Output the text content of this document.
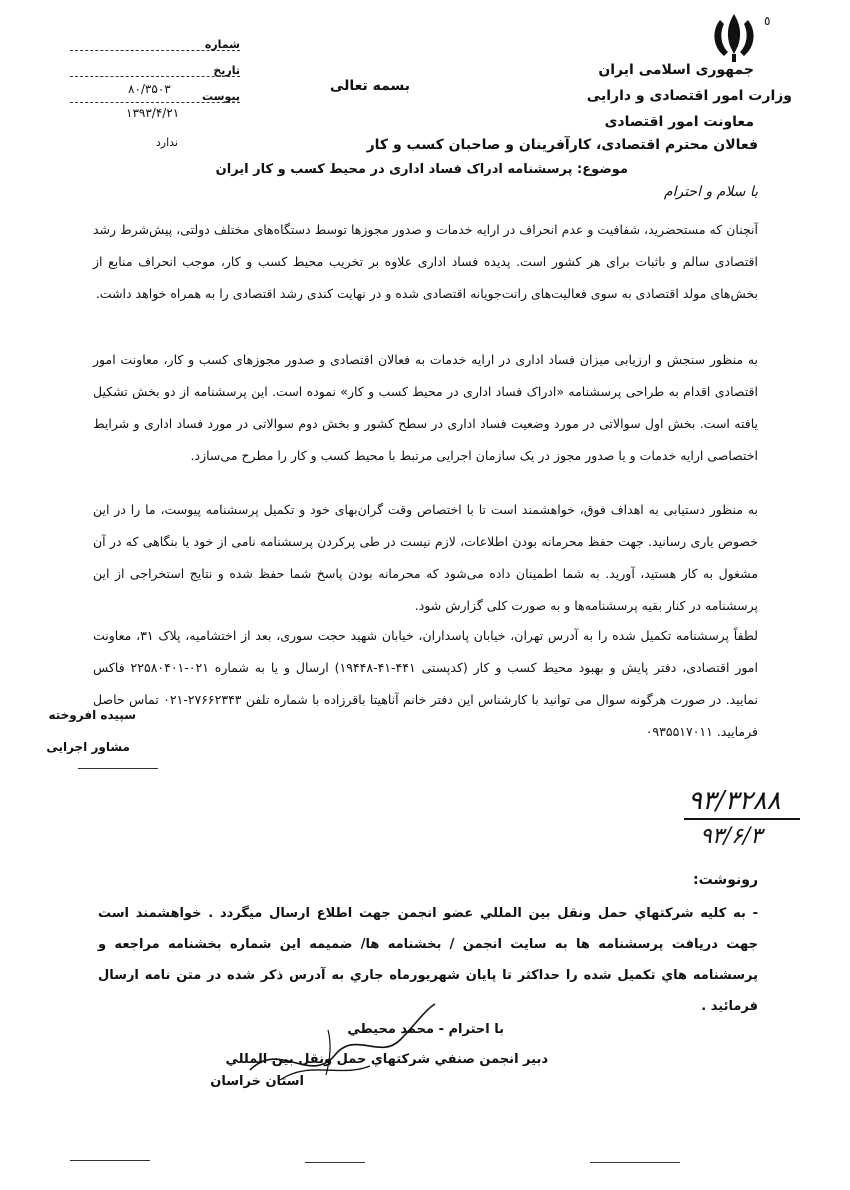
٥
جمهوری اسلامی ایران
وزارت امور اقتصادی و دارایی
معاونت امور اقتصادی
بسمه تعالی
شماره
تاریخ
۸۰/۳۵۰۳
پیوست
۱۳۹۳/۴/۲۱
ندارد	فعالان محترم اقتصادی، کارآفرینان و صاحبان کسب و کار
موضوع: پرسشنامه ادراک فساد اداری در محیط کسب و کار ایران
با سلام و احترام
آنچنان که مستحضرید، شفافیت و عدم انحراف در ارایه خدمات و صدور مجوزها توسط دستگاه‌های مختلف دولتی، پیش‌شرط رشد اقتصادی سالم و باثبات برای هر کشور است. پدیده فساد اداری علاوه بر تخریب محیط کسب و کار، موجب انحراف منابع از بخش‌های مولد اقتصادی به سوی فعالیت‌های رانت‌جویانه اقتصادی شده و در نهایت کندی رشد اقتصادی را به همراه خواهد داشت.
به منظور سنجش و ارزیابی میزان فساد اداری در ارایه خدمات به فعالان اقتصادی و صدور مجوزهای کسب و کار، معاونت امور اقتصادی اقدام به طراحی پرسشنامه «ادراک فساد اداری در محیط کسب و کار» نموده است. این پرسشنامه از دو بخش تشکیل یافته است. بخش اول سوالاتی در مورد وضعیت فساد اداری در سطح کشور و بخش دوم سوالاتی در مورد فساد اداری و شرایط اختصاصی ارایه خدمات و یا صدور مجوز در یک سازمان اجرایی مرتبط با محیط کسب و کار را مطرح می‌سازد.
به منظور دستیابی به اهداف فوق، خواهشمند است تا با اختصاص وقت گران‌بهای خود و تکمیل پرسشنامه پیوست، ما را در این خصوص یاری رسانید. جهت حفظ محرمانه بودن اطلاعات، لازم نیست در طی پرکردن پرسشنامه نامی از خود یا بنگاهی که در آن مشغول به کار هستید، آورید. به شما اطمینان داده می‌شود که محرمانه بودن پاسخ شما حفظ شده و نتایج استخراجی از این پرسشنامه در کنار بقیه پرسشنامه‌ها و به صورت کلی گزارش شود.
لطفاً پرسشنامه تکمیل شده را به آدرس تهران، خیابان پاسداران، خیابان شهید حجت سوری، بعد از اختشامیه، پلاک ۳۱، معاونت امور اقتصادی، دفتر پایش و بهبود محیط کسب و کار (کدپستی ۴۴۱-۴۱-۱۹۴۴۸) ارسال و یا به شماره ۰۲۱-۲۲۵۸۰۴۰۱ فاکس نمایید. در صورت هرگونه سوال می توانید با کارشناس این دفتر خانم آناهیتا باقرزاده با شماره تلفن ۲۷۶۶۲۳۴۳-۰۲۱ تماس حاصل فرمایید. ۰۹۳۵۵۱۷۰۱۱
سپیده افروخته
مشاور اجرایی
۹۳/۳۲۸۸
۹۳/۶/۳
رونوشت:
- به کلیه شرکتهاي حمل ونقل بین المللي عضو انجمن جهت اطلاع ارسال میگردد . خواهشمند است جهت دریافت پرسشنامه ها به سایت انجمن / بخشنامه ها/ ضمیمه این شماره بخشنامه مراجعه و پرسشنامه هاي تکمیل شده را حداکثر تا پایان شهریورماه جاري به آدرس ذکر شده در متن نامه ارسال فرمائید .
با احترام - محمد محیطي
دبیر انجمن صنفي شرکتهاي حمل ونقل بین المللي
استان خراسان
